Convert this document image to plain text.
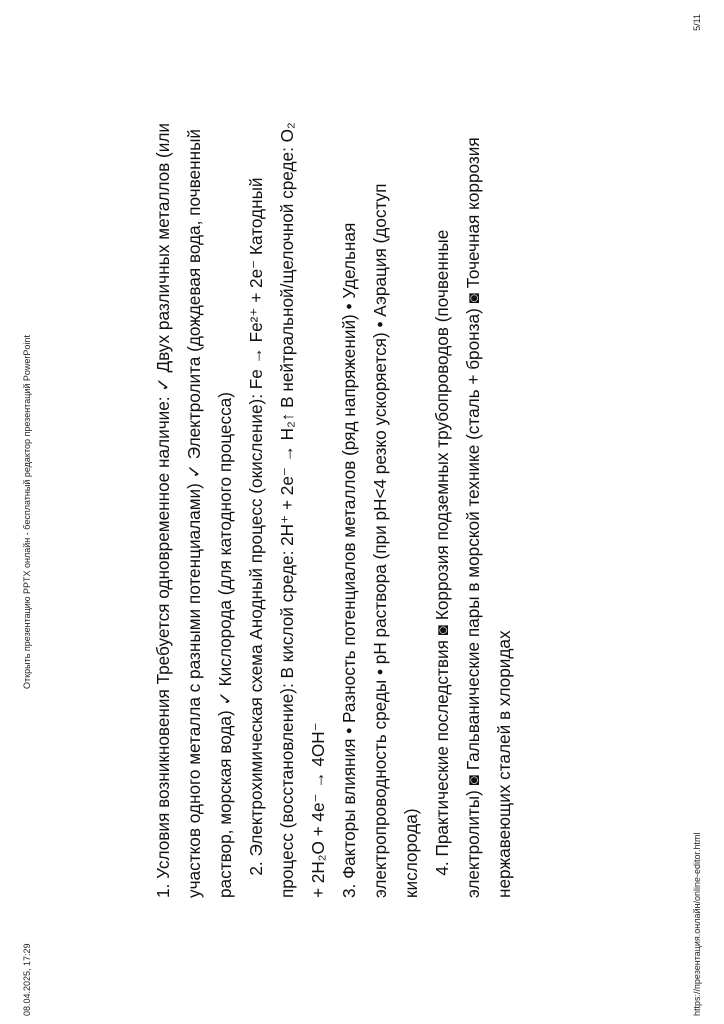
08.04.2025, 17:29
Открыть презентацию PPTX онлайн - бесплатный редактор презентаций PowerPoint	1. Условия возникновения Требуется одновременное наличие: ✓ Двух различных металлов (или участков одного металла с разными потенциалами) ✓ Электролита (дождевая вода, почвенный раствор, морская вода) ✓ Кислорода (для катодного процесса) 2. Электрохимическая схема Анодный процесс (окисление): Fe → Fe²⁺ + 2e⁻ Катодный процесс (восстановление): В кислой среде: 2H⁺ + 2e⁻ → H₂↑ В нейтральной/щелочной среде: O₂ + 2H₂O + 4e⁻ → 4OH⁻ 3. Факторы влияния • Разность потенциалов металлов (ряд напряжений) • Удельная электропроводность среды • pH раствора (при pH<4 резко ускоряется) • Аэрация (доступ кислорода) 4. Практические последствия ◙ Коррозия подземных трубопроводов (почвенные электролиты) ◙ Гальванические пары в морской технике (сталь + бронза) ◙ Точечная коррозия нержавеющих сталей в хлоридах

https://презентация.онлайн/online-editor.html
5/11
